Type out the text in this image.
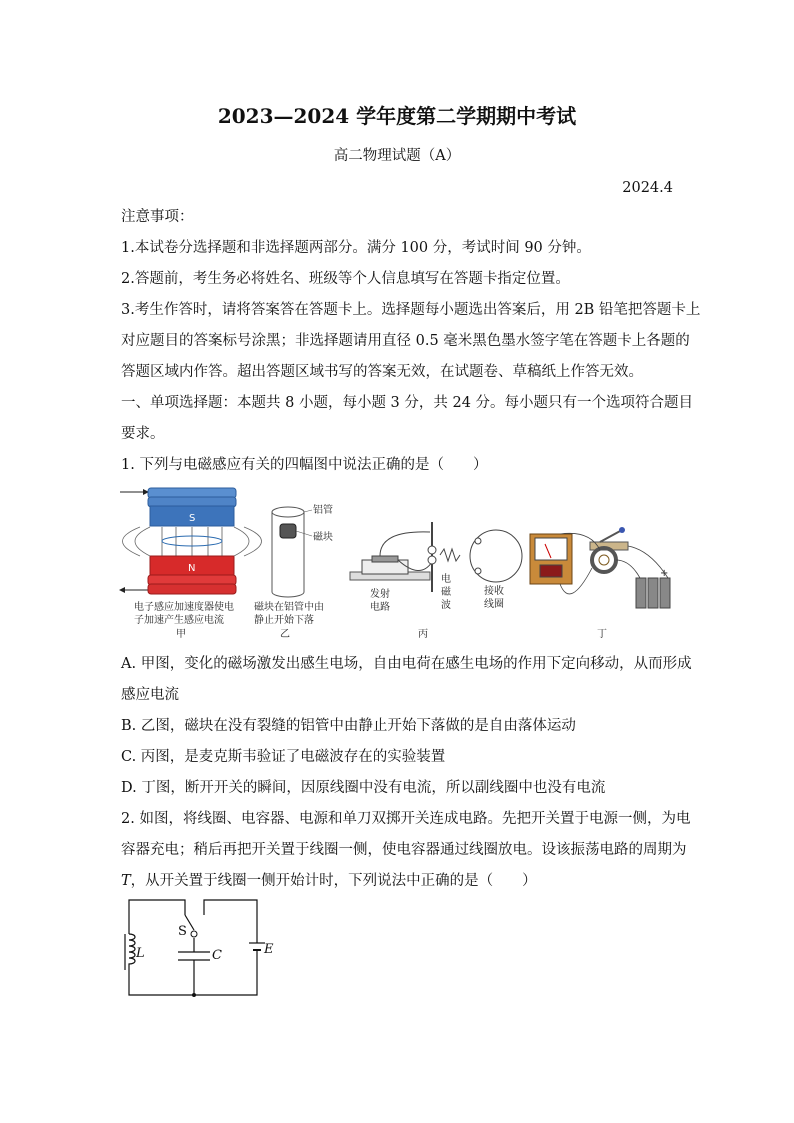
2023—2024 学年度第二学期期中考试
高二物理试题（A）
2024.4
注意事项：
1.本试卷分选择题和非选择题两部分。满分 100 分，考试时间 90 分钟。
2.答题前，考生务必将姓名、班级等个人信息填写在答题卡指定位置。
3.考生作答时，请将答案答在答题卡上。选择题每小题选出答案后，用 2B 铅笔把答题卡上
对应题目的答案标号涂黑；非选择题请用直径 0.5 毫米黑色墨水签字笔在答题卡上各题的
答题区域内作答。超出答题区域书写的答案无效，在试题卷、草稿纸上作答无效。
一、单项选择题：本题共 8 小题，每小题 3 分，共 24 分。每小题只有一个选项符合题目
要求。
1. 下列与电磁感应有关的四幅图中说法正确的是（　　）
S
N
电子感应加速度器使电
子加速产生感应电流
甲
铝管
磁块
磁块在铝管中由
静止开始下落
乙
发射
电路
电
磁
波
接收
线圈
丙
+
丁
A. 甲图，变化的磁场激发出感生电场，自由电荷在感生电场的作用下定向移动，从而形成
感应电流
B. 乙图，磁块在没有裂缝的铝管中由静止开始下落做的是自由落体运动
C. 丙图，是麦克斯韦验证了电磁波存在的实验装置
D. 丁图，断开开关的瞬间，因原线圈中没有电流，所以副线圈中也没有电流
2. 如图，将线圈、电容器、电源和单刀双掷开关连成电路。先把开关置于电源一侧，为电
容器充电；稍后再把开关置于线圈一侧，使电容器通过线圈放电。设该振荡电路的周期为
T，从开关置于线圈一侧开始计时，下列说法中正确的是（　　）
S
L	C	E
